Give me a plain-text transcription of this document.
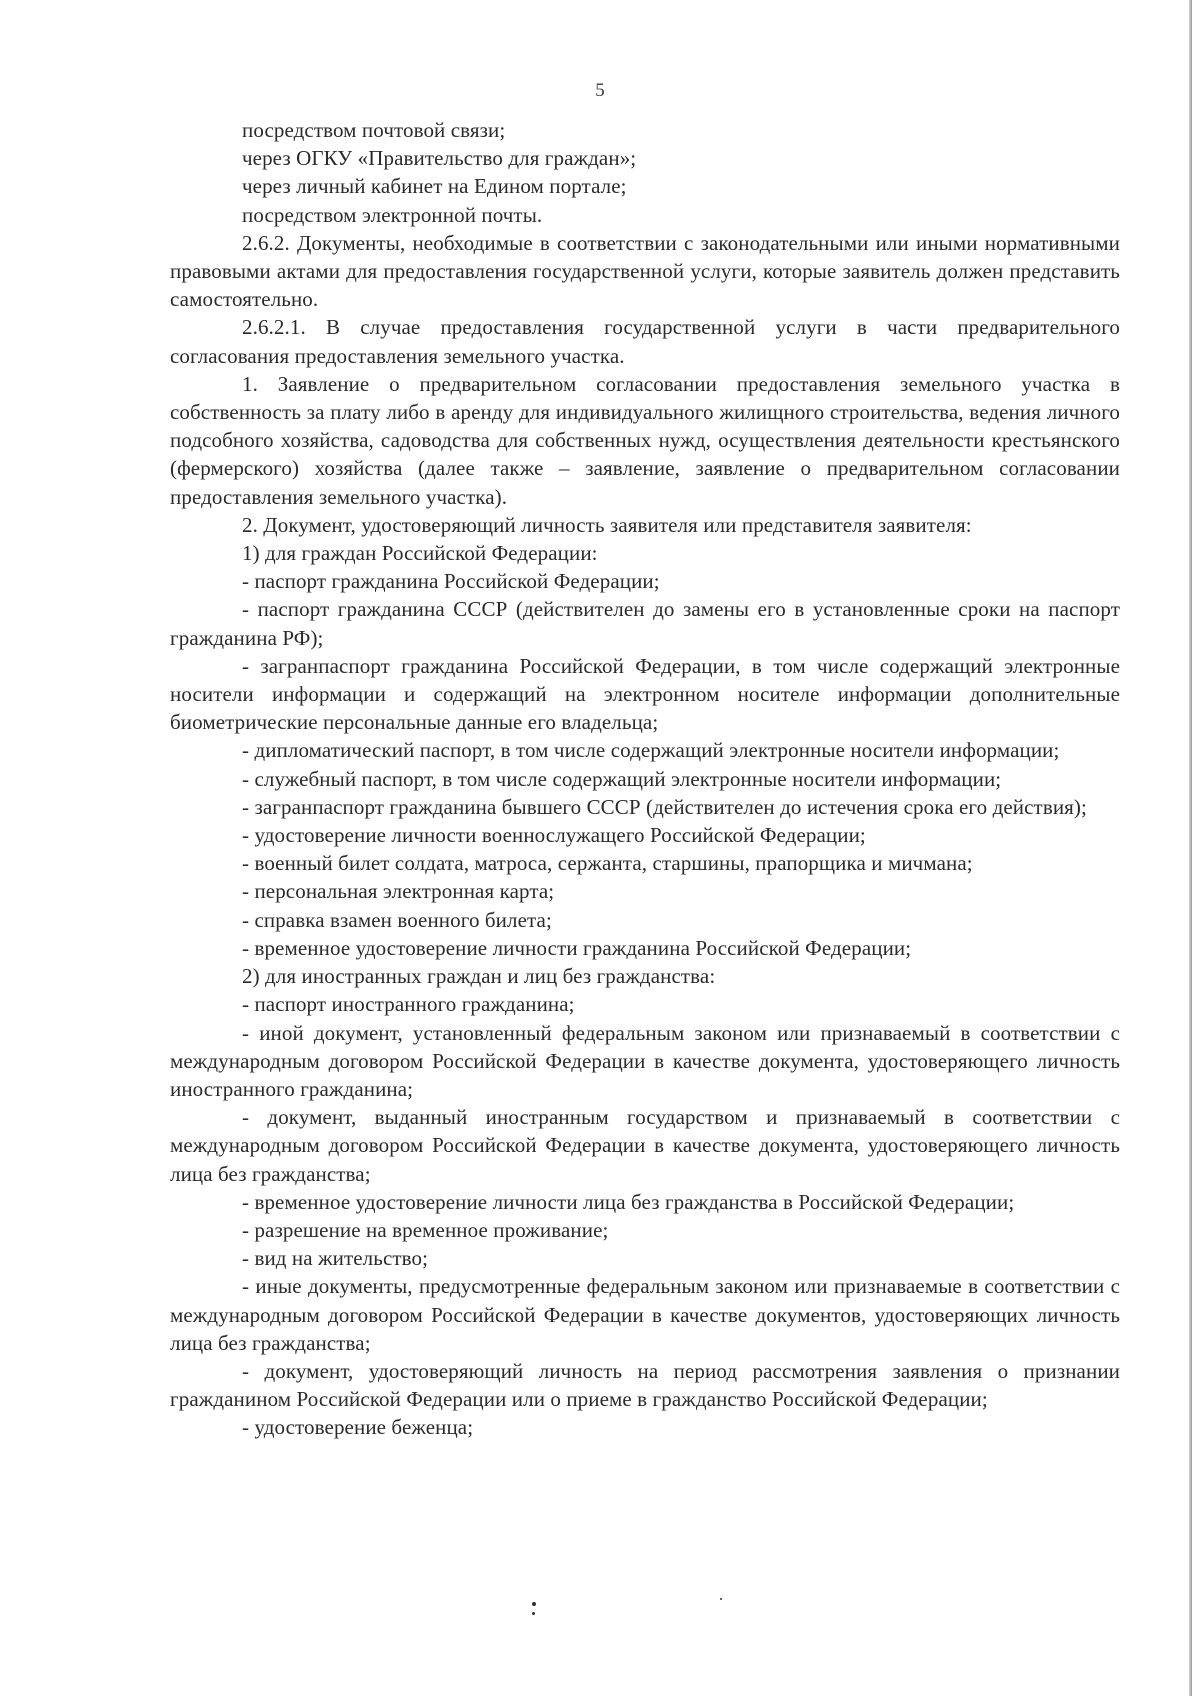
5

посредством почтовой связи;

через ОГКУ «Правительство для граждан»;

через личный кабинет на Едином портале;

посредством электронной почты.

2.6.2. Документы, необходимые в соответствии с законодательными или иными нормативными правовыми актами для предоставления государственной услуги, которые заявитель должен представить самостоятельно.

2.6.2.1. В случае предоставления государственной услуги в части предварительного согласования предоставления земельного участка.

1. Заявление о предварительном согласовании предоставления земельного участка в собственность за плату либо в аренду для индивидуального жилищного строительства, ведения личного подсобного хозяйства, садоводства для собственных нужд, осуществления деятельности крестьянского (фермерского) хозяйства (далее также – заявление, заявление о предварительном согласовании предоставления земельного участка).

2. Документ, удостоверяющий личность заявителя или представителя заявителя:

1) для граждан Российской Федерации:

- паспорт гражданина Российской Федерации;

- паспорт гражданина СССР (действителен до замены его в установленные сроки на паспорт гражданина РФ);

- загранпаспорт гражданина Российской Федерации, в том числе содержащий электронные носители информации и содержащий на электронном носителе информации дополнительные биометрические персональные данные его владельца;

- дипломатический паспорт, в том числе содержащий электронные носители информации;

- служебный паспорт, в том числе содержащий электронные носители информации;

- загранпаспорт гражданина бывшего СССР (действителен до истечения срока его действия);

- удостоверение личности военнослужащего Российской Федерации;

- военный билет солдата, матроса, сержанта, старшины, прапорщика и мичмана;

- персональная электронная карта;

- справка взамен военного билета;

- временное удостоверение личности гражданина Российской Федерации;

2) для иностранных граждан и лиц без гражданства:

- паспорт иностранного гражданина;

- иной документ, установленный федеральным законом или признаваемый в соответствии с международным договором Российской Федерации в качестве документа, удостоверяющего личность иностранного гражданина;

- документ, выданный иностранным государством и признаваемый в соответствии с международным договором Российской Федерации в качестве документа, удостоверяющего личность лица без гражданства;

- временное удостоверение личности лица без гражданства в Российской Федерации;

- разрешение на временное проживание;

- вид на жительство;

- иные документы, предусмотренные федеральным законом или признаваемые в соответствии с международным договором Российской Федерации в качестве документов, удостоверяющих личность лица без гражданства;

- документ, удостоверяющий личность на период рассмотрения заявления о признании гражданином Российской Федерации или о приеме в гражданство Российской Федерации;

- удостоверение беженца;
